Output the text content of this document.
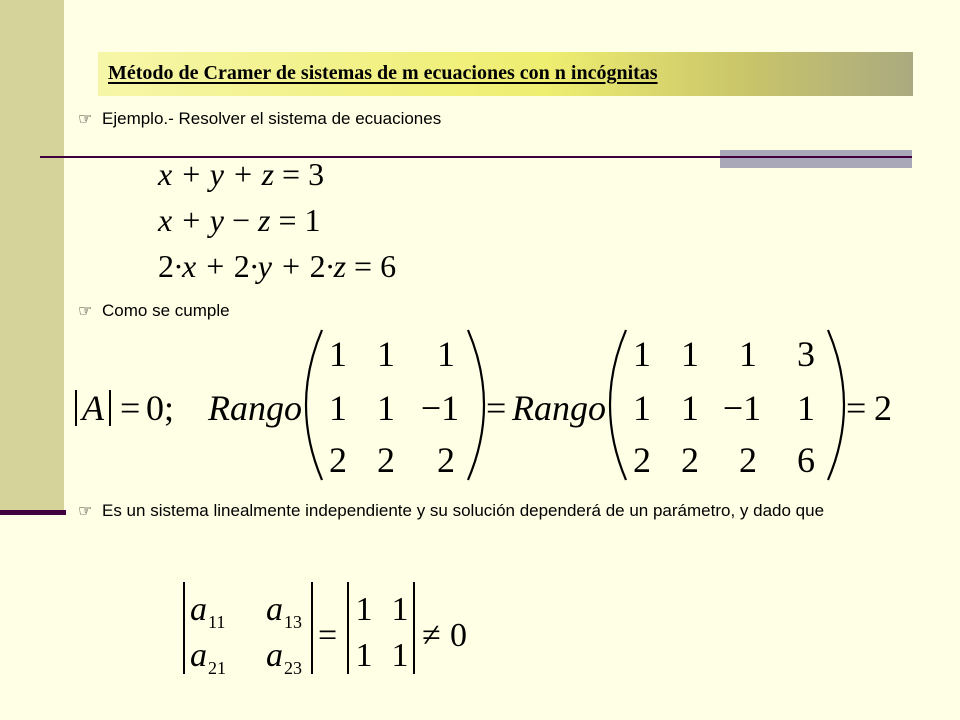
Método de Cramer de sistemas de m ecuaciones con n incógnitas
☞ Ejemplo.- Resolver el sistema de ecuaciones
x + y + z = 3
x + y − z = 1
2·x + 2·y + 2·z = 6
☞ Como se cumple
A = 0 ; Rango
1 1 1
1 1 −1
2 2 2
= Rango
1 1 1 3
1 1 −1 1
2 2 2 6
= 2
☞ Es un sistema linealmente independiente y su solución dependerá de un parámetro, y dado que
a 11 a 13
a 21 a 23
=
1 1
1 1
≠ 0
